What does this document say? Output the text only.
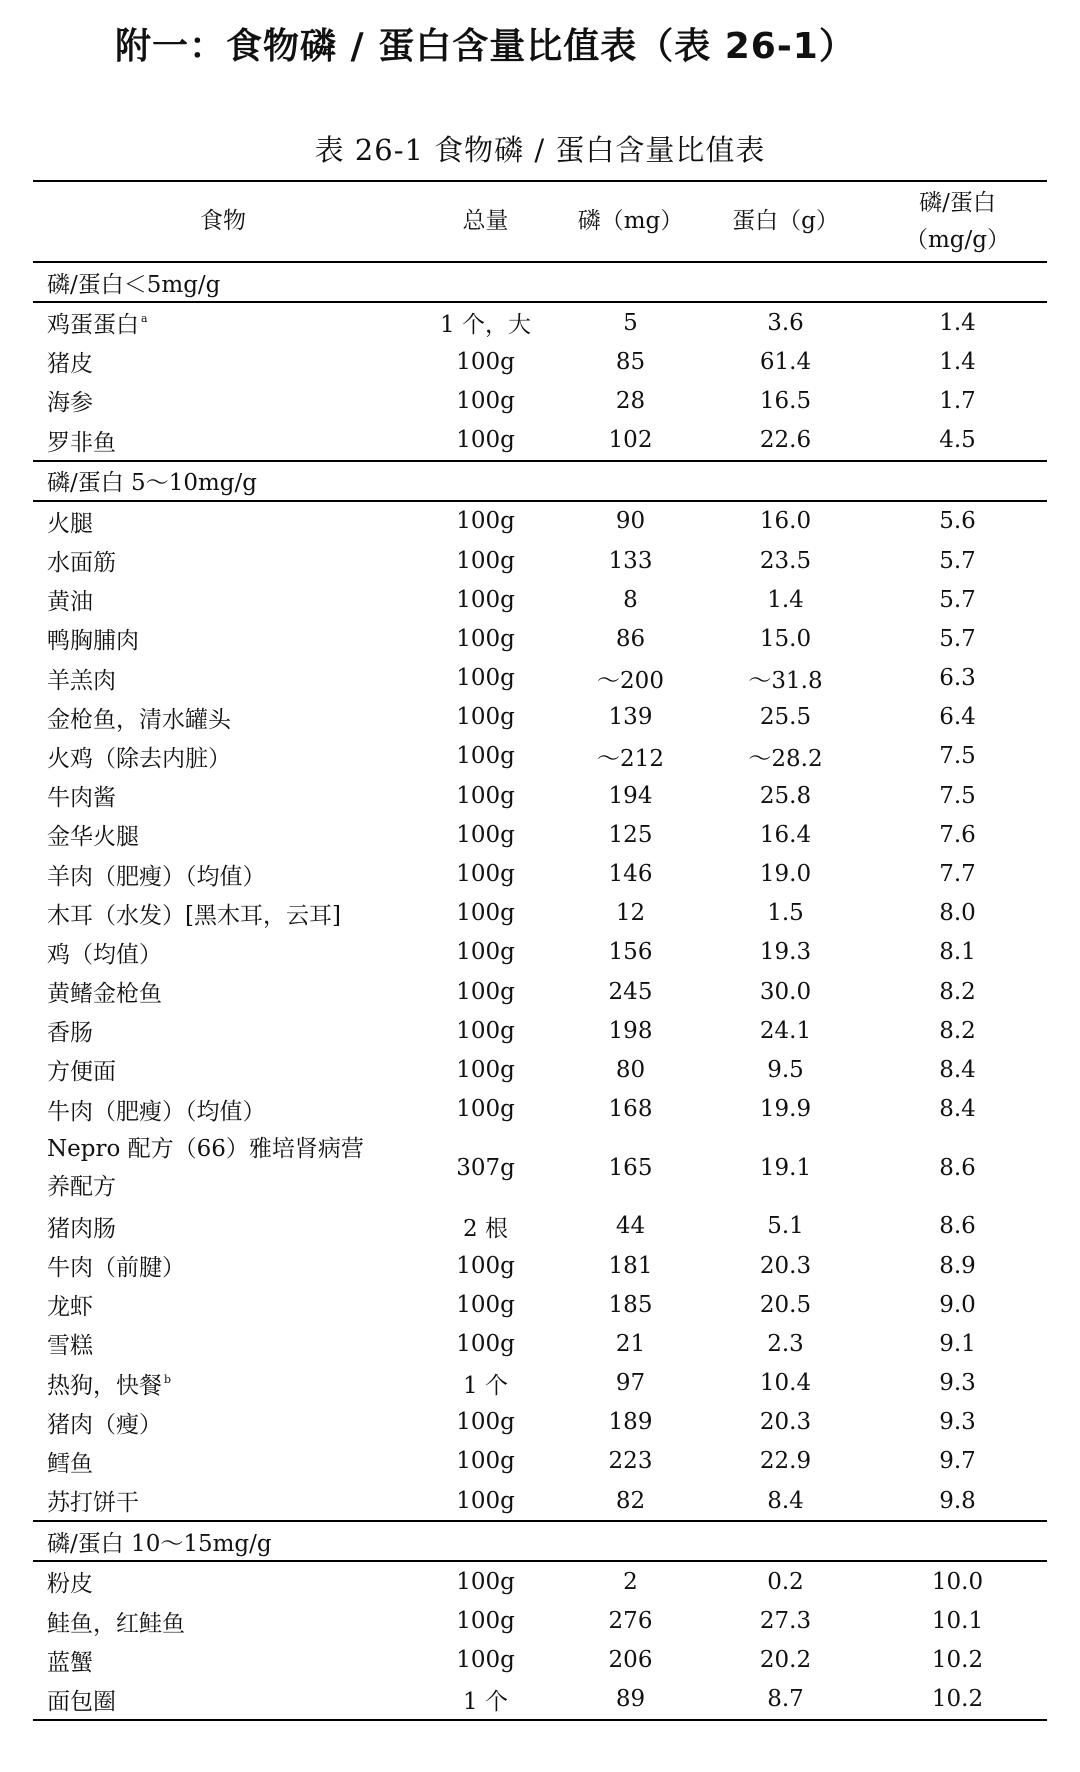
附一：食物磷 / 蛋白含量比值表（表 26-1）
表 26-1 食物磷 / 蛋白含量比值表
食物	总量	磷（mg）	蛋白（g）	磷/蛋白
（mg/g）
磷/蛋白＜5mg/g				
鸡蛋蛋白 $^a$	1 个，大	5	3.6	1.4
猪皮	100g	85	61.4	1.4
海参	100g	28	16.5	1.7
罗非鱼	100g	102	22.6	4.5
磷/蛋白 5～10mg/g				
火腿	100g	90	16.0	5.6
水面筋	100g	133	23.5	5.7
黄油	100g	8	1.4	5.7
鸭胸脯肉	100g	86	15.0	5.7
羊羔肉	100g	～200	～31.8	6.3
金枪鱼，清水罐头	100g	139	25.5	6.4
火鸡（除去内脏）	100g	～212	～28.2	7.5
牛肉酱	100g	194	25.8	7.5
金华火腿	100g	125	16.4	7.6
羊肉（肥瘦）（均值）	100g	146	19.0	7.7
木耳（水发）[黑木耳，云耳]	100g	12	1.5	8.0
鸡（均值）	100g	156	19.3	8.1
黄鳍金枪鱼	100g	245	30.0	8.2
香肠	100g	198	24.1	8.2
方便面	100g	80	9.5	8.4
牛肉（肥瘦）（均值）	100g	168	19.9	8.4
Nepro 配方（66）雅培肾病营养配方	307g	165	19.1	8.6
猪肉肠	2 根	44	5.1	8.6
牛肉（前腱）	100g	181	20.3	8.9
龙虾	100g	185	20.5	9.0
雪糕	100g	21	2.3	9.1
热狗，快餐 $^b$	1 个	97	10.4	9.3
猪肉（瘦）	100g	189	20.3	9.3
鳕鱼	100g	223	22.9	9.7
苏打饼干	100g	82	8.4	9.8
磷/蛋白 10～15mg/g				
粉皮	100g	2	0.2	10.0
鲑鱼，红鲑鱼	100g	276	27.3	10.1
蓝蟹	100g	206	20.2	10.2
面包圈	1 个	89	8.7	10.2
